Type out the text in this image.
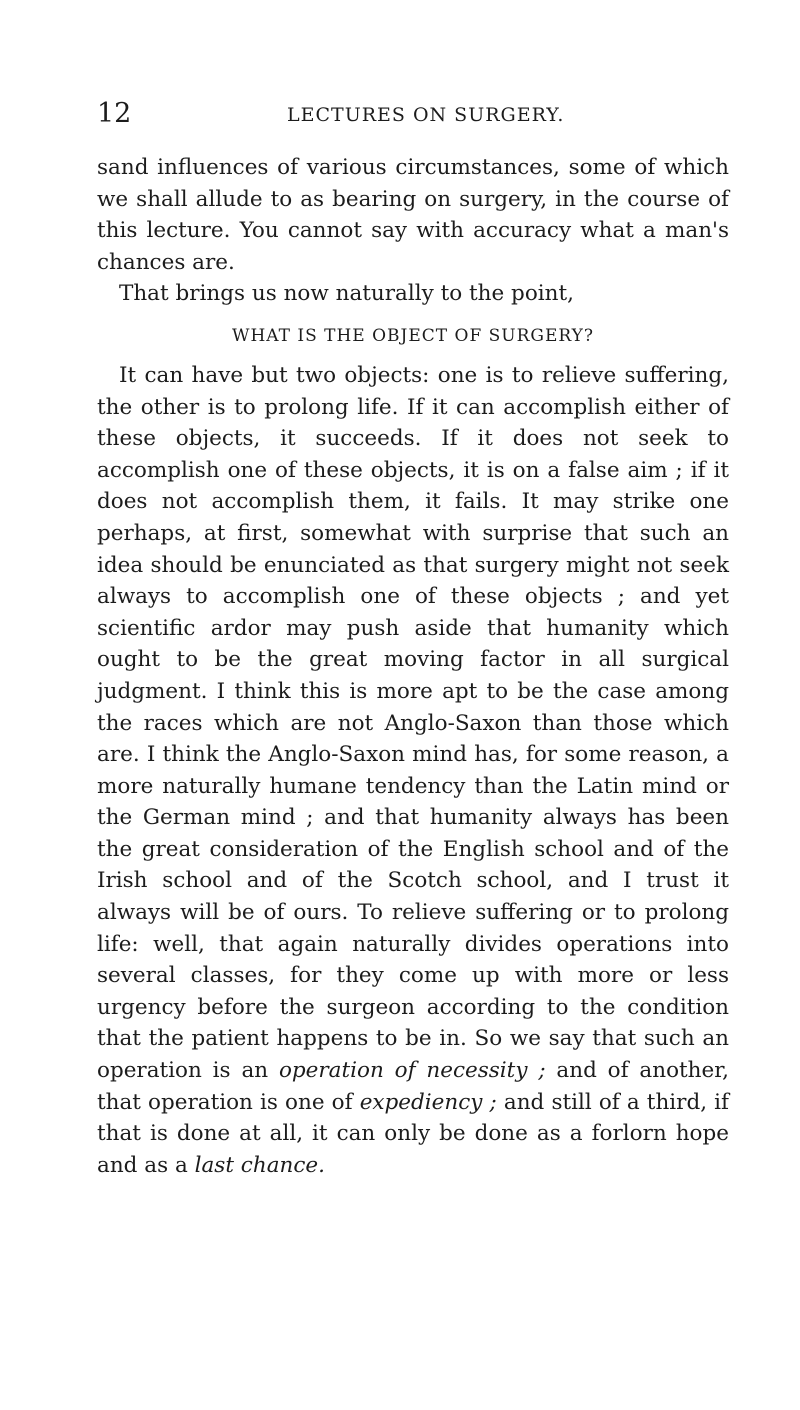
12	LECTURES ON SURGERY.

sand influences of various circumstances, some of which we shall allude to as bearing on surgery, in the course of this lecture. You cannot say with accuracy what a man's chances are.

That brings us now naturally to the point,

WHAT IS THE OBJECT OF SURGERY?

It can have but two objects: one is to relieve suffering, the other is to prolong life. If it can accomplish either of these objects, it succeeds. If it does not seek to accomplish one of these objects, it is on a false aim ; if it does not accomplish them, it fails. It may strike one perhaps, at first, somewhat with surprise that such an idea should be enunciated as that surgery might not seek always to accomplish one of these objects ; and yet scientific ardor may push aside that humanity which ought to be the great moving factor in all surgical judgment. I think this is more apt to be the case among the races which are not Anglo-Saxon than those which are. I think the Anglo-Saxon mind has, for some reason, a more naturally humane tendency than the Latin mind or the German mind ; and that humanity always has been the great consideration of the English school and of the Irish school and of the Scotch school, and I trust it always will be of ours. To relieve suffering or to prolong life: well, that again naturally divides operations into several classes, for they come up with more or less urgency before the surgeon according to the condition that the patient happens to be in. So we say that such an operation is an operation of necessity ; and of another, that operation is one of expediency ; and still of a third, if that is done at all, it can only be done as a forlorn hope and as a last chance.
